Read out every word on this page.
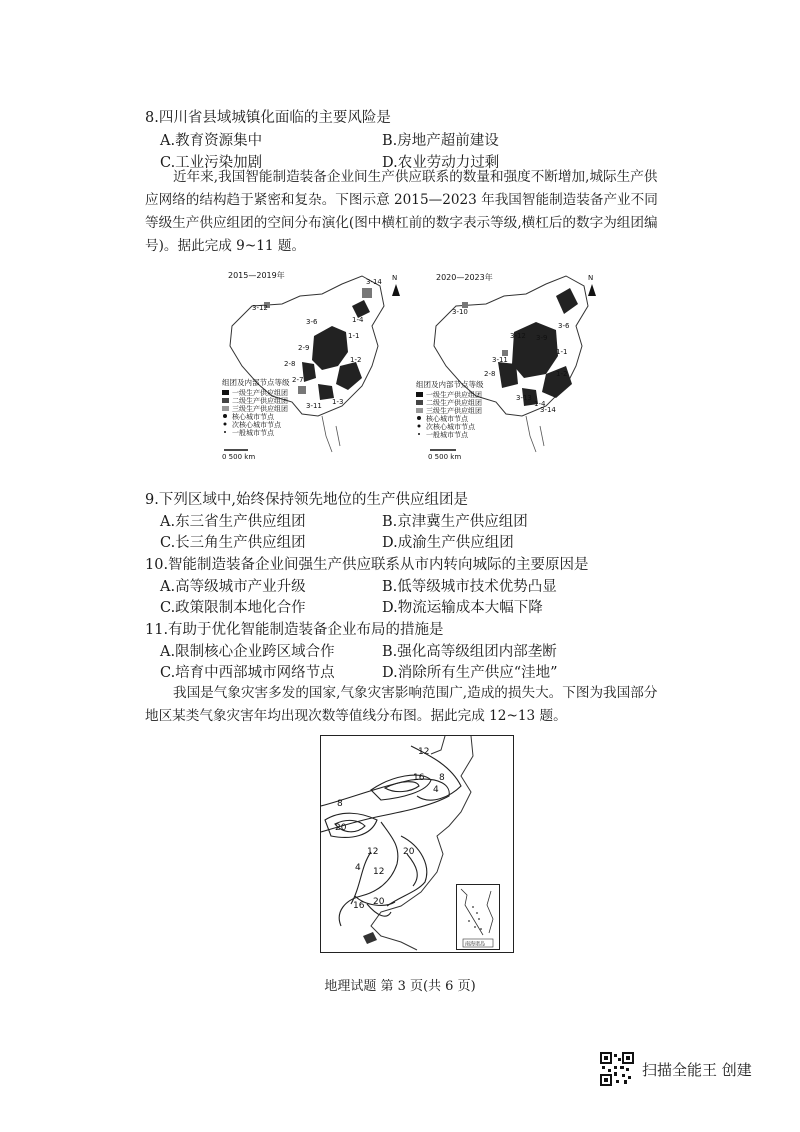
8.四川省县域城镇化面临的主要风险是
A.教育资源集中	B.房地产超前建设
C.工业污染加剧	D.农业劳动力过剩
近年来,我国智能制造装备企业间生产供应联系的数量和强度不断增加,城际生产供应网络的结构趋于紧密和复杂。下图示意 2015—2023 年我国智能制造装备产业不同等级生产供应组团的空间分布演化(图中横杠前的数字表示等级,横杠后的数字为组团编号)。据此完成 9~11 题。
2015—2019年	N
3-12
3-14
1-4
3-6
1-1
2-9
1-2
2-8
1-3
2-7
3-11
组团及内部节点等级
一级生产供应组团
二级生产供应组团
三级生产供应组团
核心城市节点
次核心城市节点
一般城市节点
0 500 km
2020—2023年	N
3-10
3-6
3-12 3-9
3-11
1-1
1-2
2-8
1-4
3-13
3-14
组团及内部节点等级
一级生产供应组团
二级生产供应组团
三级生产供应组团
核心城市节点
次核心城市节点
一般城市节点
0 500 km
9.下列区域中,始终保持领先地位的生产供应组团是
A.东三省生产供应组团	B.京津冀生产供应组团
C.长三角生产供应组团	D.成渝生产供应组团
10.智能制造装备企业间强生产供应联系从市内转向城际的主要原因是
A.高等级城市产业升级	B.低等级城市技术优势凸显
C.政策限制本地化合作	D.物流运输成本大幅下降
11.有助于优化智能制造装备企业布局的措施是
A.限制核心企业跨区域合作	B.强化高等级组团内部垄断
C.培育中西部城市网络节点	D.消除所有生产供应“洼地”
我国是气象灾害多发的国家,气象灾害影响范围广,造成的损失大。下图为我国部分地区某类气象灾害年均出现次数等值线分布图。据此完成 12~13 题。
12
16
8
4
8
20
12	20
4 12
16 20
南海诸岛
地理试题 第 3 页(共 6 页)
扫描全能王 创建
